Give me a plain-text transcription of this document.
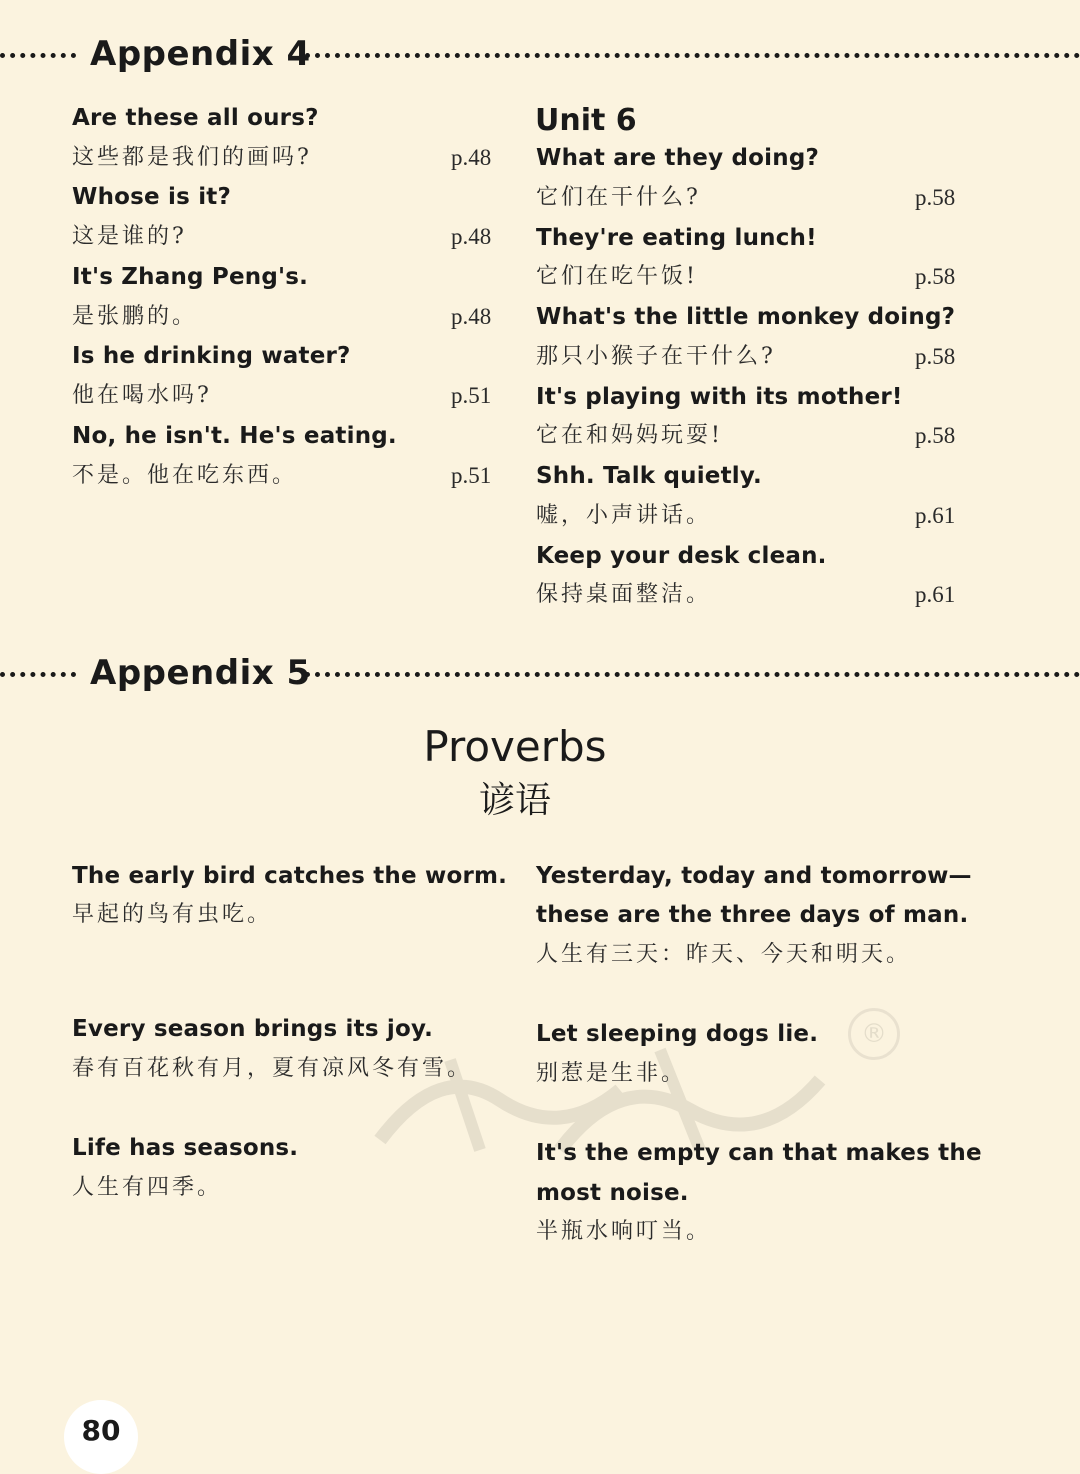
Appendix 4
Are these all ours?
这些都是我们的画吗?	p.48
Whose is it?
这是谁的?	p.48
It's Zhang Peng's.
是张鹏的。	p.48
Is he drinking water?
他在喝水吗?	p.51
No, he isn't. He's eating.
不是。他在吃东西。	p.51
Unit 6
What are they doing?
它们在干什么?	p.58
They're eating lunch!
它们在吃午饭!	p.58
What's the little monkey doing?
那只小猴子在干什么?	p.58
It's playing with its mother!
它在和妈妈玩耍!	p.58
Shh. Talk quietly.
嘘，小声讲话。	p.61
Keep your desk clean.
保持桌面整洁。	p.61
Appendix 5
Proverbs
谚语
®
The early bird catches the worm.
早起的鸟有虫吃。
Every season brings its joy.
春有百花秋有月，夏有凉风冬有雪。
Life has seasons.
人生有四季。
Yesterday, today and tomorrow—
these are the three days of man.
人生有三天：昨天、今天和明天。
Let sleeping dogs lie.
别惹是生非。
It's the empty can that makes the
most noise.
半瓶水响叮当。
80
